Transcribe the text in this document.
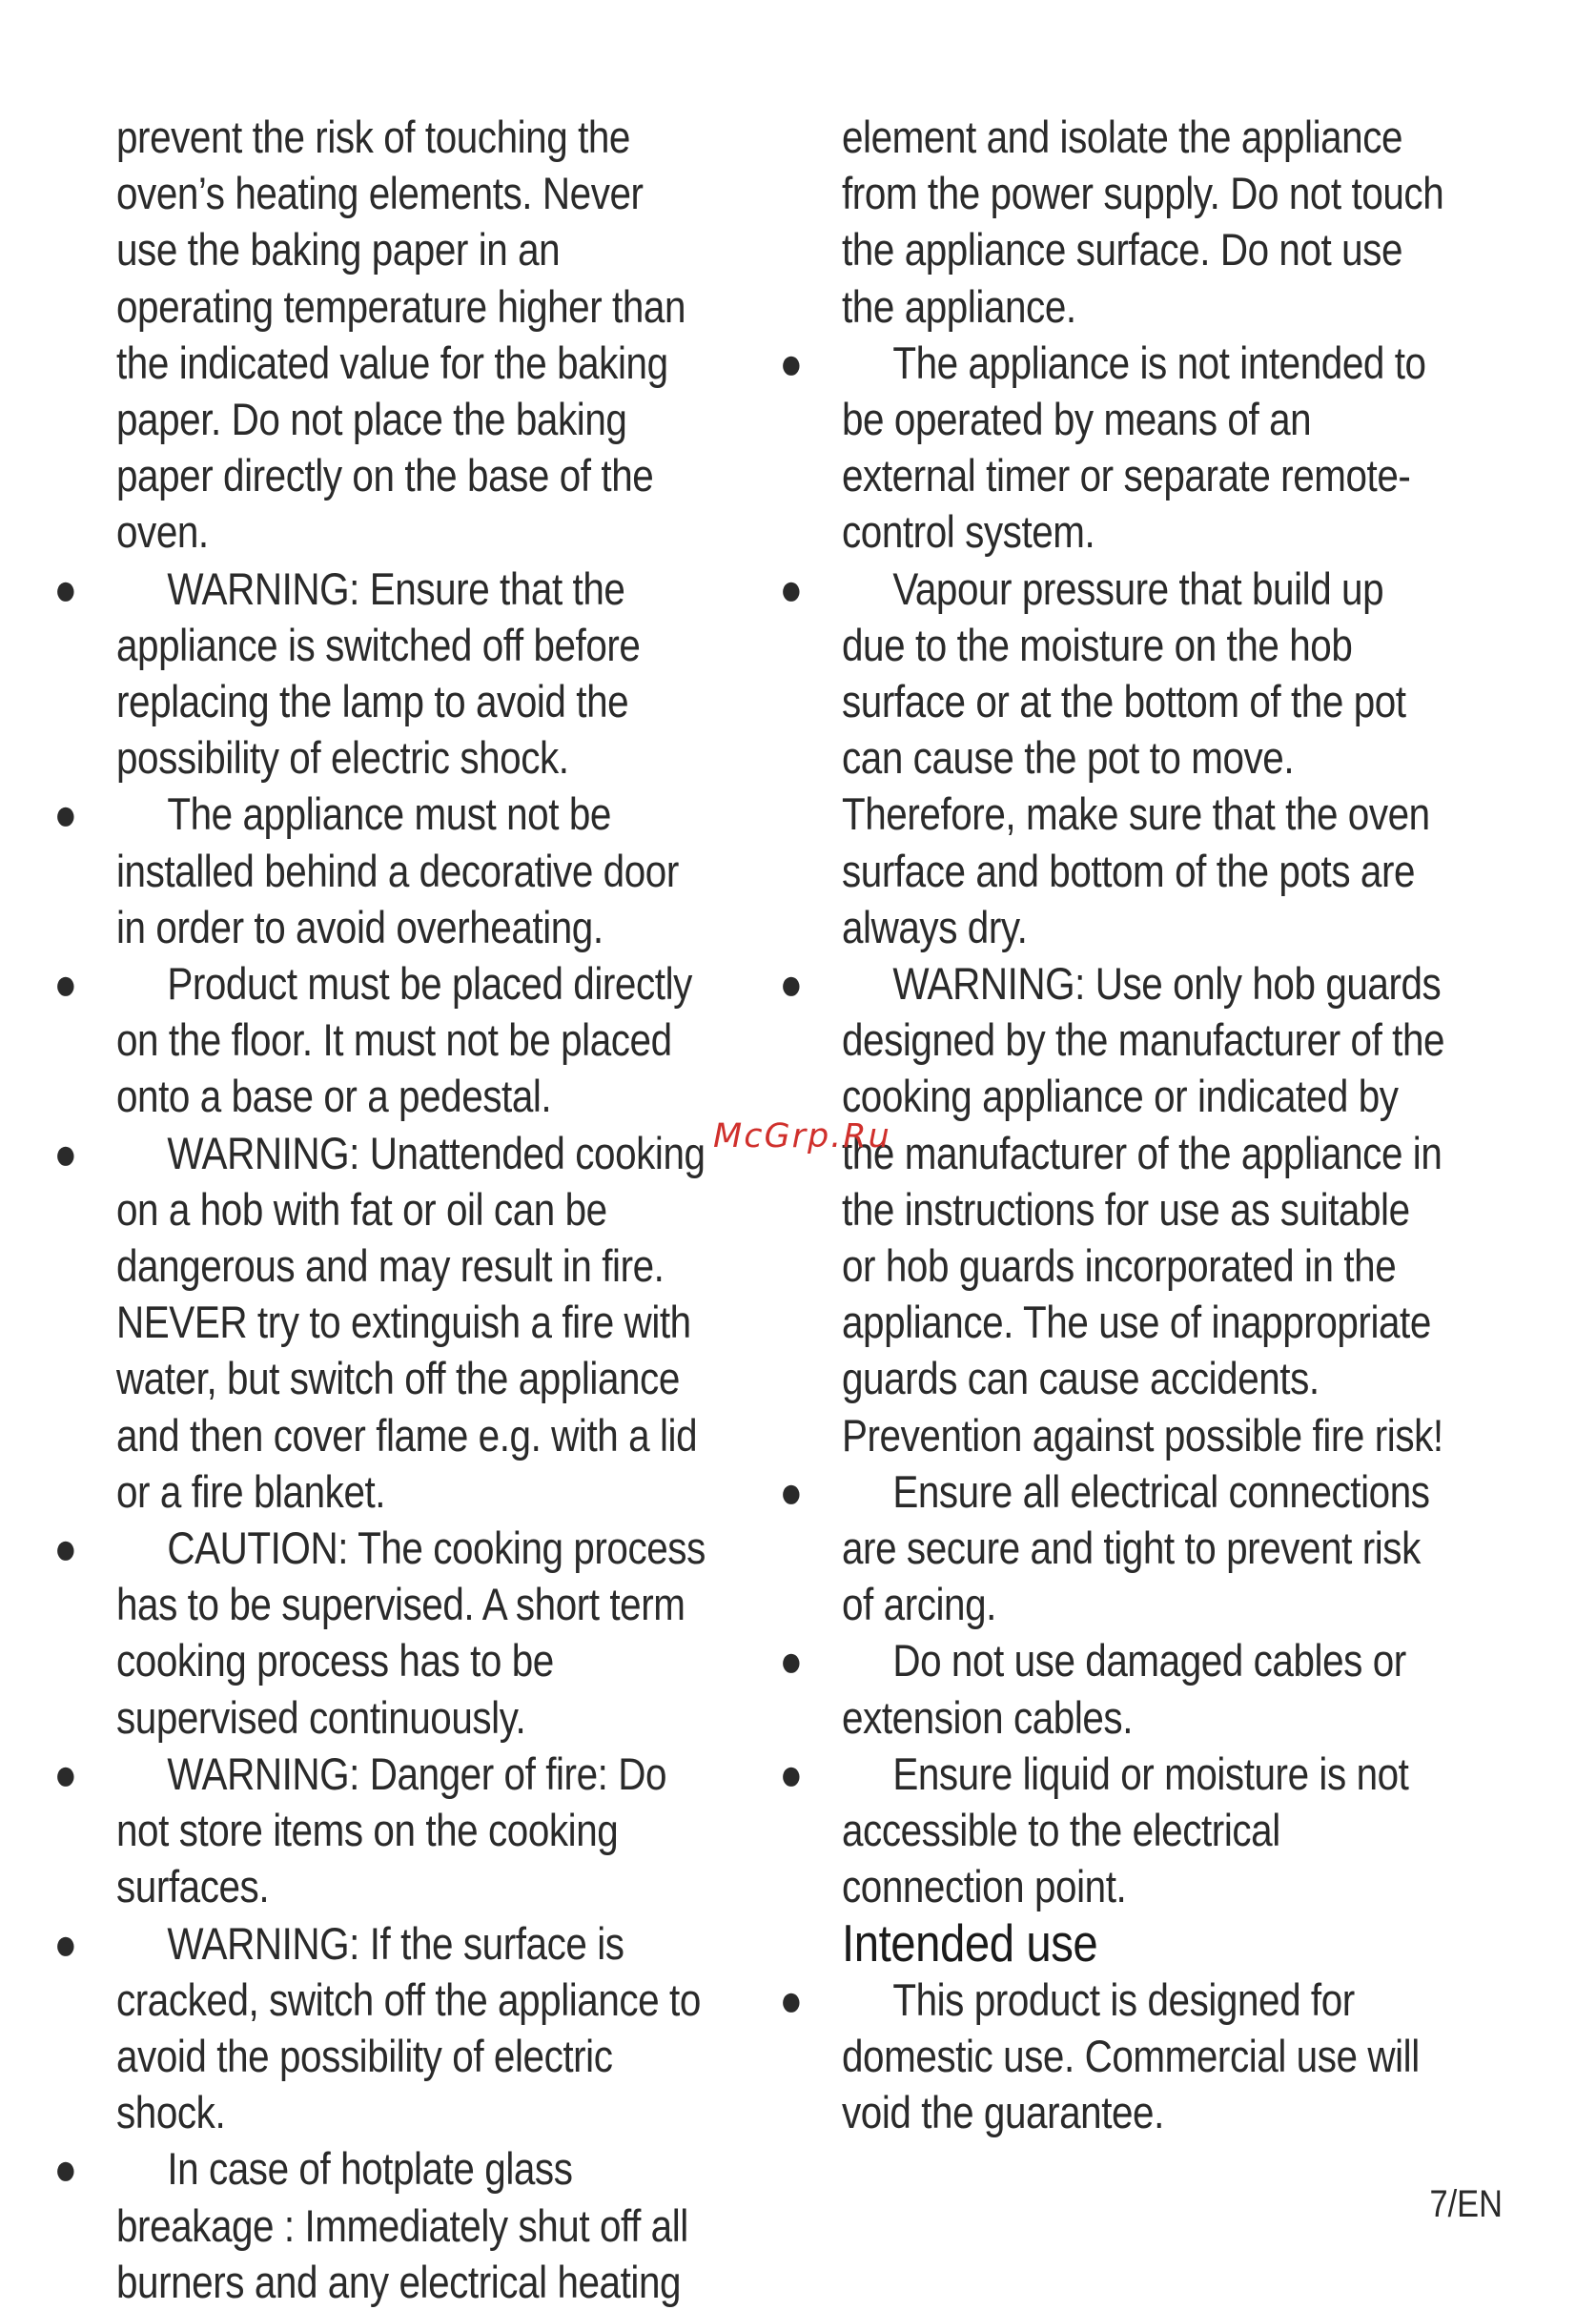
prevent the risk of touching the oven’s heating elements. Never use the baking paper in an operating temperature higher than the indicated value for the baking paper. Do not place the baking paper directly on the base of the oven.

● WARNING: Ensure that the appliance is switched off before replacing the lamp to avoid the possibility of electric shock.
● The appliance must not be installed behind a decorative door in order to avoid overheating.
● Product must be placed directly on the floor. It must not be placed onto a base or a pedestal.
● WARNING: Unattended cooking on a hob with fat or oil can be dangerous and may result in fire. NEVER try to extinguish a fire with water, but switch off the appliance and then cover flame e.g. with a lid or a fire blanket.
● CAUTION: The cooking process has to be supervised. A short term cooking process has to be supervised continuously.
● WARNING: Danger of fire: Do not store items on the cooking surfaces.
● WARNING: If the surface is cracked, switch off the appliance to avoid the possibility of electric shock.
● In case of hotplate glass breakage : Immediately shut off all burners and any electrical heating

element and isolate the appliance from the power supply. Do not touch the appliance surface. Do not use the appliance.

● The appliance is not intended to be operated by means of an external timer or separate remote-control system.
● Vapour pressure that build up due to the moisture on the hob surface or at the bottom of the pot can cause the pot to move. Therefore, make sure that the oven surface and bottom of the pots are always dry.
● WARNING: Use only hob guards designed by the manufacturer of the cooking appliance or indicated by the manufacturer of the appliance in the instructions for use as suitable or hob guards incorporated in the appliance. The use of inappropriate guards can cause accidents. Prevention against possible fire risk!
● Ensure all electrical connections are secure and tight to prevent risk of arcing.
● Do not use damaged cables or extension cables.
● Ensure liquid or moisture is not accessible to the electrical connection point.
Intended use
● This product is designed for domestic use. Commercial use will void the guarantee.
McGrp.Ru
7/EN
